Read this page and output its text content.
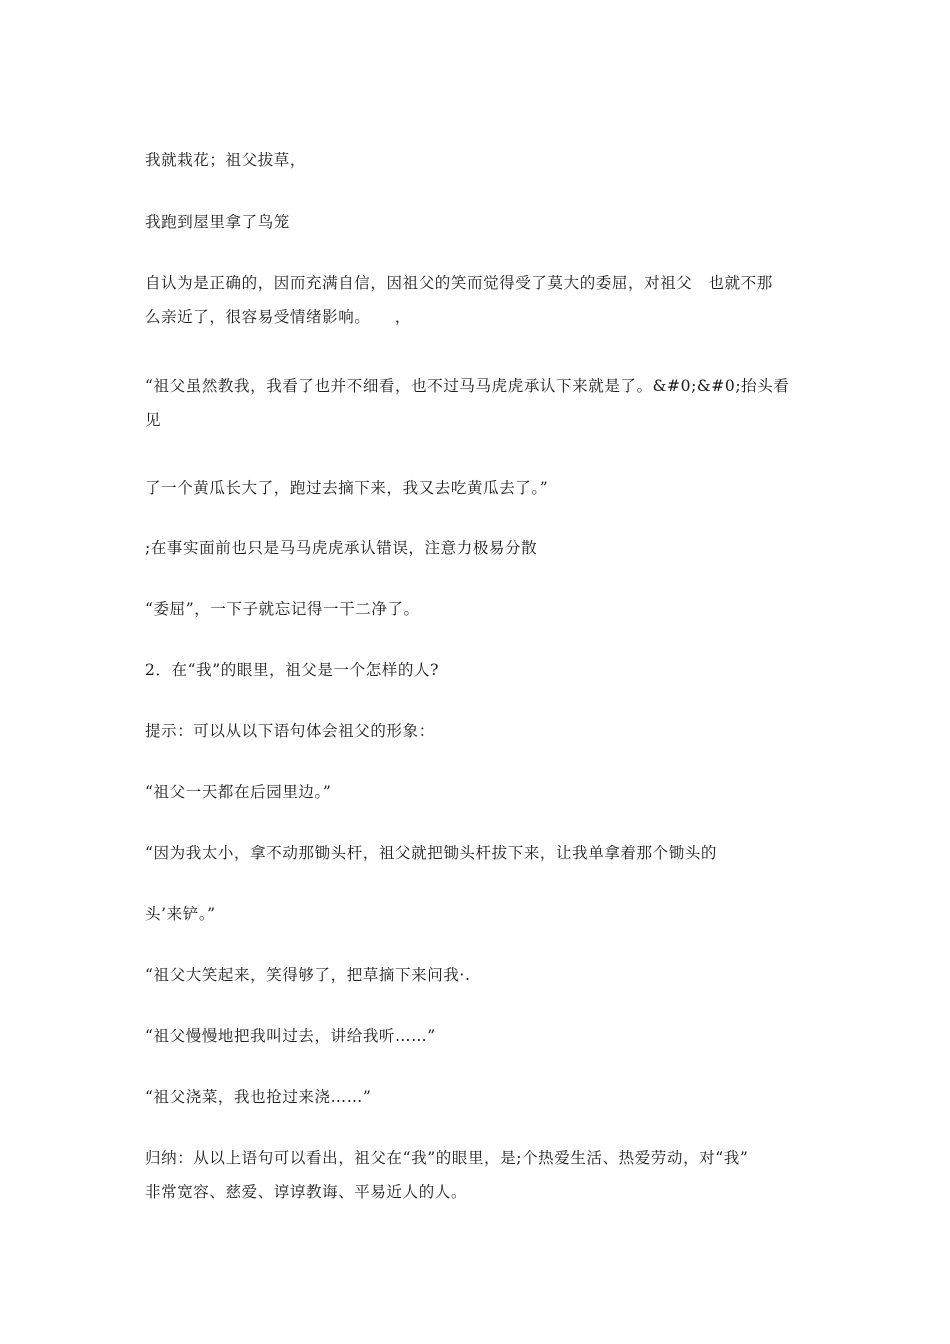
我就栽花；祖父拔草，
我跑到屋里拿了鸟笼
自认为是正确的，因而充满自信，因祖父的笑而觉得受了莫大的委屈，对祖父　也就不那
么亲近了，很容易受情绪影响。　　，
“祖父虽然教我，我看了也并不细看，也不过马马虎虎承认下来就是了。&#0;&#0;抬头看
见
了一个黄瓜长大了，跑过去摘下来，我又去吃黄瓜去了。”
;在事实面前也只是马马虎虎承认错误，注意力极易分散
“委屈”，一下子就忘记得一干二净了。
2．在“我”的眼里，祖父是一个怎样的人?
提示：可以从以下语句体会祖父的形象：
“祖父一天都在后园里边。”
“因为我太小，拿不动那锄头杆，祖父就把锄头杆拔下来，让我单拿着那个锄头的
头’来铲。”
“祖父大笑起来，笑得够了，把草摘下来问我·.
“祖父慢慢地把我叫过去，讲给我听……”
“祖父浇菜，我也抢过来浇……”
归纳：从以上语句可以看出，祖父在“我”的眼里，是;个热爱生活、热爱劳动，对“我”
非常宽容、慈爱、谆谆教诲、平易近人的人。
